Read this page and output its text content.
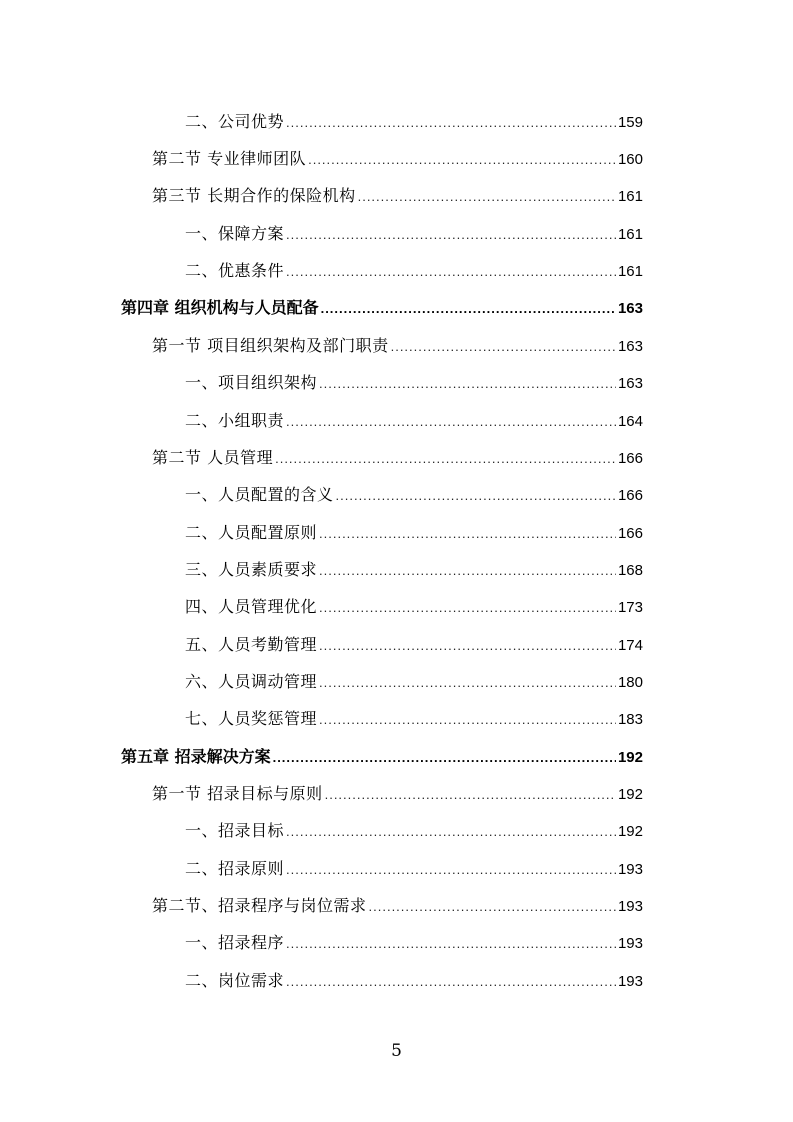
二、公司优势 .....	159
第二节 专业律师团队 .....	160
第三节 长期合作的保险机构 .....	161
一、保障方案 .....	161
二、优惠条件 .....	161
第四章 组织机构与人员配备 .....	163
第一节 项目组织架构及部门职责 .....	163
一、项目组织架构 .....	163
二、小组职责 .....	164
第二节 人员管理 .....	166
一、人员配置的含义 .....	166
二、人员配置原则 .....	166
三、人员素质要求 .....	168
四、人员管理优化 .....	173
五、人员考勤管理 .....	174
六、人员调动管理 .....	180
七、人员奖惩管理 .....	183
第五章 招录解决方案 .....	192
第一节 招录目标与原则 .....	192
一、招录目标 .....	192
二、招录原则 .....	193
第二节、招录程序与岗位需求 .....	193
一、招录程序 .....	193
二、岗位需求 .....	193
5
